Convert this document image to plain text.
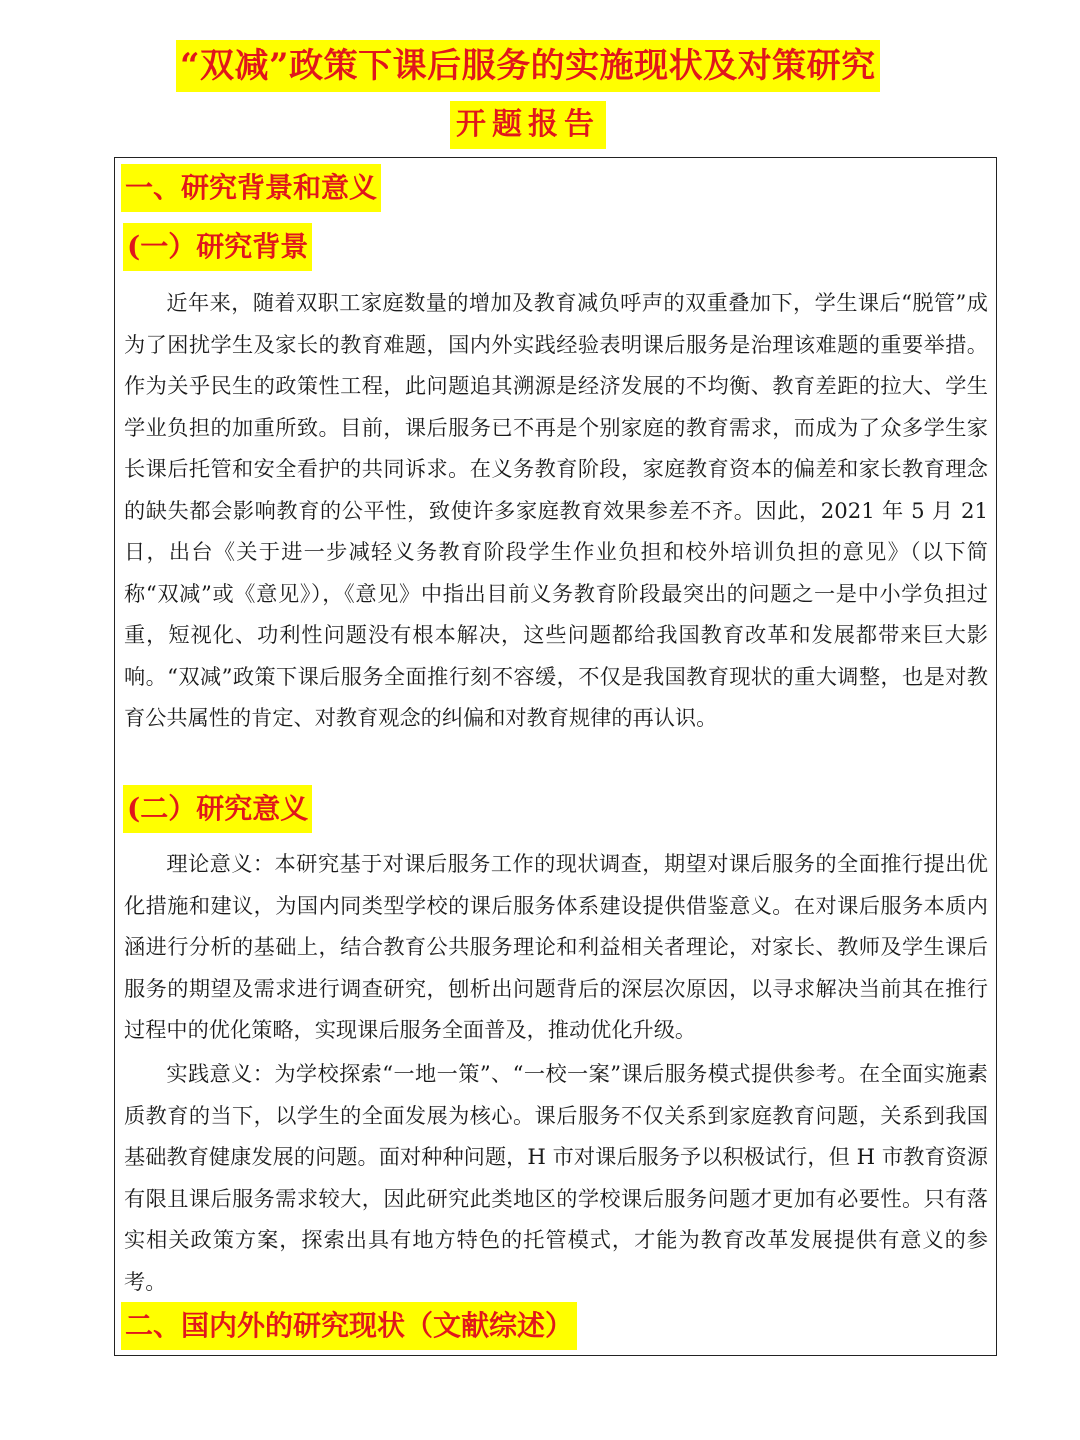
“双减”政策下课后服务的实施现状及对策研究
开题报告
一、研究背景和意义
(一）研究背景
近年来，随着双职工家庭数量的增加及教育减负呼声的双重叠加下，学生课后“脱管”成为了困扰学生及家长的教育难题，国内外实践经验表明课后服务是治理该难题的重要举措。作为关乎民生的政策性工程，此问题追其溯源是经济发展的不均衡、教育差距的拉大、学生学业负担的加重所致。目前，课后服务已不再是个别家庭的教育需求，而成为了众多学生家长课后托管和安全看护的共同诉求。在义务教育阶段，家庭教育资本的偏差和家长教育理念的缺失都会影响教育的公平性，致使许多家庭教育效果参差不齐。因此，2021 年 5 月 21 日，出台《关于进一步减轻义务教育阶段学生作业负担和校外培训负担的意见》（以下简称“双减”或《意见》），《意见》中指出目前义务教育阶段最突出的问题之一是中小学负担过重，短视化、功利性问题没有根本解决，这些问题都给我国教育改革和发展都带来巨大影响。“双减”政策下课后服务全面推行刻不容缓，不仅是我国教育现状的重大调整，也是对教育公共属性的肯定、对教育观念的纠偏和对教育规律的再认识。
(二）研究意义
理论意义：本研究基于对课后服务工作的现状调查，期望对课后服务的全面推行提出优化措施和建议，为国内同类型学校的课后服务体系建设提供借鉴意义。在对课后服务本质内涵进行分析的基础上，结合教育公共服务理论和利益相关者理论，对家长、教师及学生课后服务的期望及需求进行调查研究，刨析出问题背后的深层次原因，以寻求解决当前其在推行过程中的优化策略，实现课后服务全面普及，推动优化升级。
实践意义：为学校探索“一地一策”、“一校一案”课后服务模式提供参考。在全面实施素质教育的当下，以学生的全面发展为核心。课后服务不仅关系到家庭教育问题，关系到我国基础教育健康发展的问题。面对种种问题，H 市对课后服务予以积极试行，但 H 市教育资源有限且课后服务需求较大，因此研究此类地区的学校课后服务问题才更加有必要性。只有落实相关政策方案，探索出具有地方特色的托管模式，才能为教育改革发展提供有意义的参考。
二、国内外的研究现状（文献综述）
